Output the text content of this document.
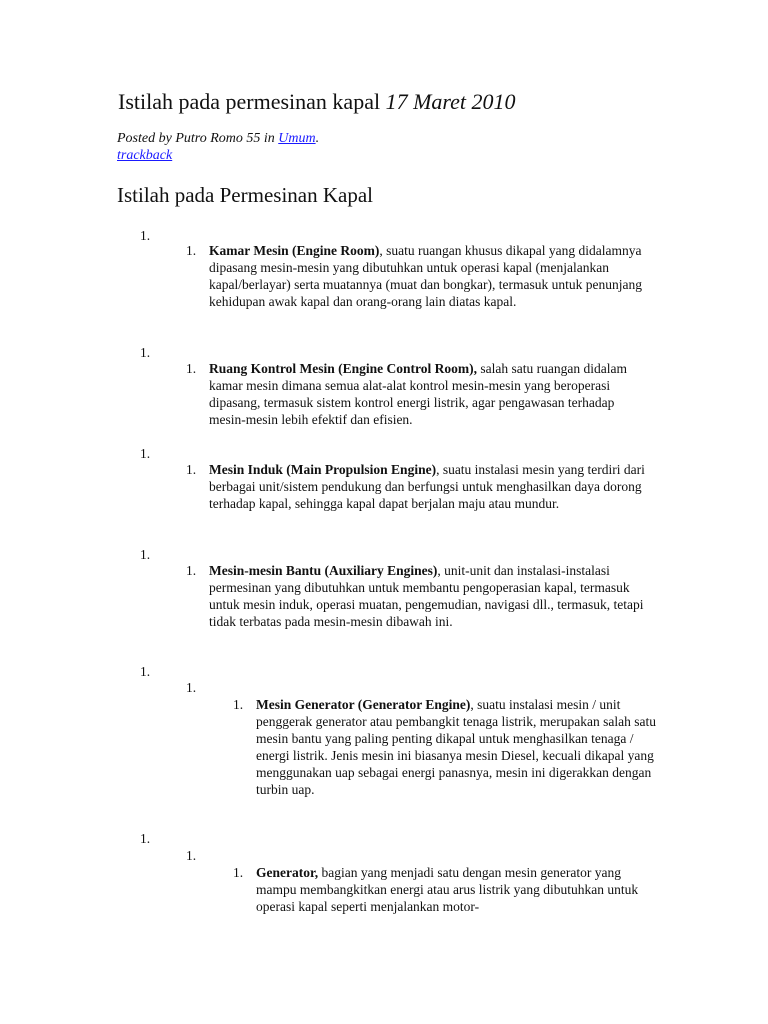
Istilah pada permesinan kapal 17 Maret 2010
Posted by Putro Romo 55 in Umum.
trackback
Istilah pada Permesinan Kapal
1.
1. Kamar Mesin (Engine Room), suatu ruangan khusus dikapal yang didalamnya dipasang mesin-mesin yang dibutuhkan untuk operasi kapal (menjalankan kapal/berlayar) serta muatannya (muat dan bongkar), termasuk untuk penunjang kehidupan awak kapal dan orang-orang lain diatas kapal.
1.
1. Ruang Kontrol Mesin (Engine Control Room), salah satu ruangan didalam kamar mesin dimana semua alat-alat kontrol mesin-mesin yang beroperasi dipasang, termasuk sistem kontrol energi listrik, agar pengawasan terhadap mesin-mesin lebih efektif dan efisien.
1.
1. Mesin Induk (Main Propulsion Engine), suatu instalasi mesin yang terdiri dari berbagai unit/sistem pendukung dan berfungsi untuk menghasilkan daya dorong terhadap kapal, sehingga kapal dapat berjalan maju atau mundur.
1.
1. Mesin-mesin Bantu (Auxiliary Engines), unit-unit dan instalasi-instalasi permesinan yang dibutuhkan untuk membantu pengoperasian kapal, termasuk untuk mesin induk, operasi muatan, pengemudian, navigasi dll., termasuk, tetapi tidak terbatas pada mesin-mesin dibawah ini.
1.
1.
1. Mesin Generator (Generator Engine), suatu instalasi mesin / unit penggerak generator atau pembangkit tenaga listrik, merupakan salah satu mesin bantu yang paling penting dikapal untuk menghasilkan tenaga / energi listrik. Jenis mesin ini biasanya mesin Diesel, kecuali dikapal yang menggunakan uap sebagai energi panasnya, mesin ini digerakkan dengan turbin uap.
1.
1.
1. Generator, bagian yang menjadi satu dengan mesin generator yang mampu membangkitkan energi atau arus listrik yang dibutuhkan untuk operasi kapal seperti menjalankan motor-
